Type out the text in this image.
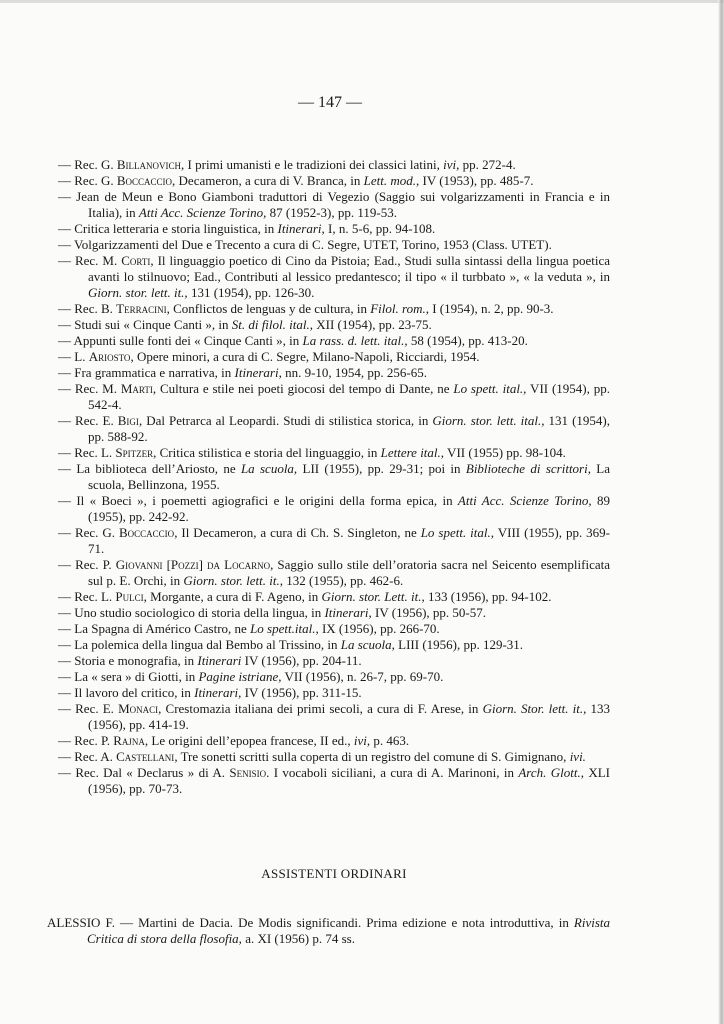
— 147 —

— Rec. G. Billanovich, I primi umanisti e le tradizioni dei classici latini, ivi, pp. 272-4.

— Rec. G. Boccaccio, Decameron, a cura di V. Branca, in Lett. mod., IV (1953), pp. 485-7.

— Jean de Meun e Bono Giamboni traduttori di Vegezio (Saggio sui volgarizzamenti in Francia e in Italia), in Atti Acc. Scienze Torino, 87 (1952-3), pp. 119-53.

— Critica letteraria e storia linguistica, in Itinerari, I, n. 5-6, pp. 94-108.

— Volgarizzamenti del Due e Trecento a cura di C. Segre, UTET, Torino, 1953 (Class. UTET).

— Rec. M. Corti, Il linguaggio poetico di Cino da Pistoia; Ead., Studi sulla sintassi della lingua poetica avanti lo stilnuovo; Ead., Contributi al lessico predantesco; il tipo « il turbbato », « la veduta », in Giorn. stor. lett. it., 131 (1954), pp. 126-30.

— Rec. B. Terracini, Conflictos de lenguas y de cultura, in Filol. rom., I (1954), n. 2, pp. 90-3.

— Studi sui « Cinque Canti », in St. di filol. ital., XII (1954), pp. 23-75.

— Appunti sulle fonti dei « Cinque Canti », in La rass. d. lett. ital., 58 (1954), pp. 413-20.

— L. Ariosto, Opere minori, a cura di C. Segre, Milano-Napoli, Ricciardi, 1954.

— Fra grammatica e narrativa, in Itinerari, nn. 9-10, 1954, pp. 256-65.

— Rec. M. Marti, Cultura e stile nei poeti giocosi del tempo di Dante, ne Lo spett. ital., VII (1954), pp. 542-4.

— Rec. E. Bigi, Dal Petrarca al Leopardi. Studi di stilistica storica, in Giorn. stor. lett. ital., 131 (1954), pp. 588-92.

— Rec. L. Spitzer, Critica stilistica e storia del linguaggio, in Lettere ital., VII (1955) pp. 98-104.

— La biblioteca dell’Ariosto, ne La scuola, LII (1955), pp. 29-31; poi in Biblioteche di scrittori, La scuola, Bellinzona, 1955.

— Il « Boeci », i poemetti agiografici e le origini della forma epica, in Atti Acc. Scienze Torino, 89 (1955), pp. 242-92.

— Rec. G. Boccaccio, Il Decameron, a cura di Ch. S. Singleton, ne Lo spett. ital., VIII (1955), pp. 369-71.

— Rec. P. Giovanni [Pozzi] da Locarno, Saggio sullo stile dell’oratoria sacra nel Seicento esemplificata sul p. E. Orchi, in Giorn. stor. lett. it., 132 (1955), pp. 462-6.

— Rec. L. Pulci, Morgante, a cura di F. Ageno, in Giorn. stor. Lett. it., 133 (1956), pp. 94-102.

— Uno studio sociologico di storia della lingua, in Itinerari, IV (1956), pp. 50-57.

— La Spagna di Américo Castro, ne Lo spett.ital., IX (1956), pp. 266-70.

— La polemica della lingua dal Bembo al Trissino, in La scuola, LIII (1956), pp. 129-31.

— Storia e monografia, in Itinerari IV (1956), pp. 204-11.

— La « sera » di Giotti, in Pagine istriane, VII (1956), n. 26-7, pp. 69-70.

— Il lavoro del critico, in Itinerari, IV (1956), pp. 311-15.

— Rec. E. Monaci, Crestomazia italiana dei primi secoli, a cura di F. Arese, in Giorn. Stor. lett. it., 133 (1956), pp. 414-19.

— Rec. P. Rajna, Le origini dell’epopea francese, II ed., ivi, p. 463.

— Rec. A. Castellani, Tre sonetti scritti sulla coperta di un registro del comune di S. Gimignano, ivi.

— Rec. Dal « Declarus » di A. Senisio. I vocaboli siciliani, a cura di A. Marinoni, in Arch. Glott., XLI (1956), pp. 70-73.

ASSISTENTI ORDINARI

ALESSIO F. — Martini de Dacia. De Modis significandi. Prima edizione e nota introduttiva, in Rivista Critica di stora della flosofia, a. XI (1956) p. 74 ss.
